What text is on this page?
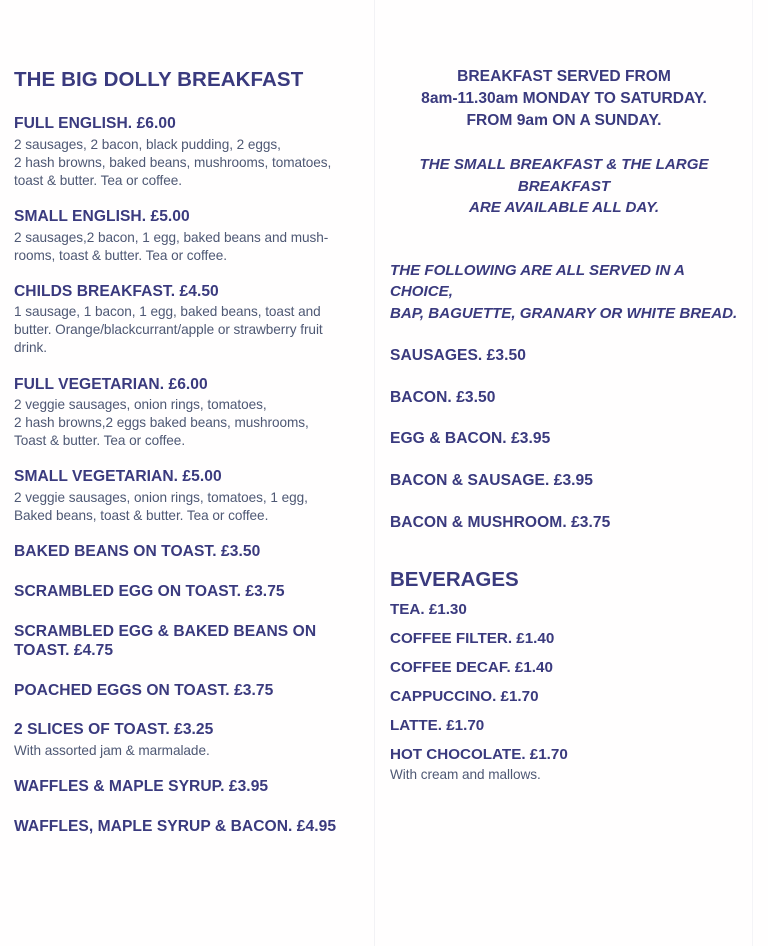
THE BIG DOLLY BREAKFAST
FULL ENGLISH. £6.00
2 sausages, 2 bacon, black pudding, 2 eggs,
2 hash browns, baked beans, mushrooms, tomatoes,
toast & butter. Tea or coffee.
SMALL ENGLISH. £5.00
2 sausages,2 bacon, 1 egg, baked beans and mush-
rooms, toast & butter. Tea or coffee.
CHILDS BREAKFAST. £4.50
1 sausage, 1 bacon, 1 egg, baked beans, toast and
butter. Orange/blackcurrant/apple or strawberry fruit
drink.
FULL VEGETARIAN. £6.00
2 veggie sausages, onion rings, tomatoes,
2 hash browns,2 eggs baked beans, mushrooms,
Toast & butter. Tea or coffee.
SMALL VEGETARIAN. £5.00
2 veggie sausages, onion rings, tomatoes, 1 egg,
Baked beans, toast & butter. Tea or coffee.
BAKED BEANS ON TOAST. £3.50
SCRAMBLED EGG ON TOAST. £3.75
SCRAMBLED EGG & BAKED BEANS ON
TOAST. £4.75
POACHED EGGS ON TOAST. £3.75
2 SLICES OF TOAST. £3.25
With assorted jam & marmalade.
WAFFLES & MAPLE SYRUP. £3.95
WAFFLES, MAPLE SYRUP & BACON. £4.95
BREAKFAST SERVED FROM
8am-11.30am MONDAY TO SATURDAY.
FROM 9am ON A SUNDAY.
THE SMALL BREAKFAST & THE LARGE BREAKFAST
ARE AVAILABLE ALL DAY.
THE FOLLOWING ARE ALL SERVED IN A CHOICE,
BAP, BAGUETTE, GRANARY OR WHITE BREAD.
SAUSAGES. £3.50
BACON. £3.50
EGG & BACON. £3.95
BACON & SAUSAGE. £3.95
BACON & MUSHROOM. £3.75
BEVERAGES
TEA. £1.30
COFFEE FILTER. £1.40
COFFEE DECAF. £1.40
CAPPUCCINO. £1.70
LATTE. £1.70
HOT CHOCOLATE. £1.70
With cream and mallows.
